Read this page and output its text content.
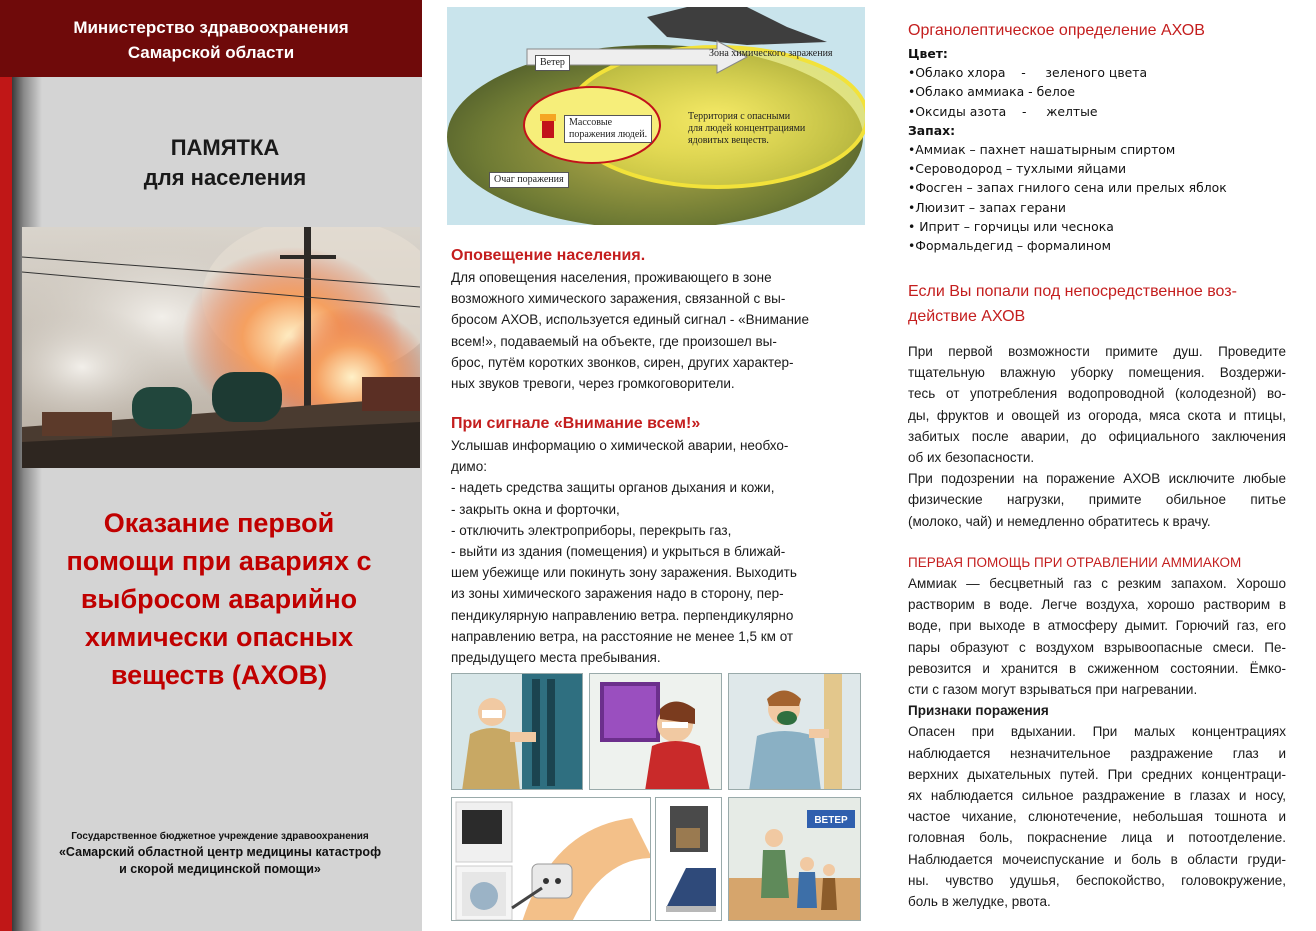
Министерство здравоохранения
Самарской области
ПАМЯТКА
для населения
Оказание первой
помощи при авариях с
выбросом аварийно
химически опасных
веществ (АХОВ)
Государственное бюджетное учреждение здравоохранения
«Самарский областной центр медицины катастроф
и скорой медицинской помощи»
Ветер
Зона химического заражения
Массовые
поражения людей.
Территория с опасными
для людей концентрациями
ядовитых веществ.
Очаг поражения
Оповещение населения.
Для оповещения населения, проживающего в зоне
возможного химического заражения, связанной с вы-
бросом АХОВ, используется единый сигнал - «Внимание
всем!», подаваемый на объекте, где произошел вы-
брос, путём коротких звонков, сирен, других характер-
ных звуков тревоги, через громкоговорители.
При сигнале «Внимание всем!»
Услышав информацию о химической аварии, необхо-
димо:
- надеть средства защиты органов дыхания и кожи,
- закрыть окна и форточки,
- отключить электроприборы, перекрыть газ,
- выйти из здания (помещения) и укрыться в ближай-
шем убежище или покинуть зону заражения. Выходить
из зоны химического заражения надо в сторону, пер-
пендикулярную направлению ветра. перпендикулярно
направлению ветра, на расстояние не менее 1,5 км от
предыдущего места пребывания.
ВЕТЕР
Органолептическое определение АХОВ
Цвет:
•Облако хлора    -     зеленого цвета
•Облако аммиака - белое
•Оксиды азота    -     желтые
Запах:
•Аммиак – пахнет нашатырным спиртом
•Сероводород – тухлыми яйцами
•Фосген – запах гнилого сена или прелых яблок
•Люизит – запах герани
• Иприт – горчицы или чеснока
•Формальдегид – формалином
Если Вы попали под непосредственное воз-
действие АХОВ
При первой возможности примите душ. Проведите
тщательную влажную уборку помещения. Воздержи-
тесь от употребления водопроводной (колодезной) во-
ды, фруктов и овощей из огорода, мяса скота и птицы,
забитых после аварии, до официального заключения
об их безопасности.
При подозрении на поражение АХОВ исключите любые
физические нагрузки, примите обильное питье
(молоко, чай) и немедленно обратитесь к врачу.
ПЕРВАЯ ПОМОЩЬ ПРИ ОТРАВЛЕНИИ АММИАКОМ
Аммиак — бесцветный газ с резким запахом. Хорошо
растворим в воде. Легче воздуха, хорошо растворим в
воде, при выходе в атмосферу дымит. Горючий газ, его
пары образуют с воздухом взрывоопасные смеси. Пе-
ревозится и хранится в сжиженном состоянии. Ёмко-
сти с газом могут взрываться при нагревании.
Признаки поражения
Опасен при вдыхании. При малых концентрациях
наблюдается незначительное раздражение глаз и
верхних дыхательных путей. При средних концентраци-
ях наблюдается сильное раздражение в глазах и носу,
частое чихание, слюнотечение, небольшая тошнота и
головная боль, покраснение лица и потоотделение.
Наблюдается мочеиспускание и боль в области груди-
ны. чувство удушья, беспокойство, головокружение,
боль в желудке, рвота.
